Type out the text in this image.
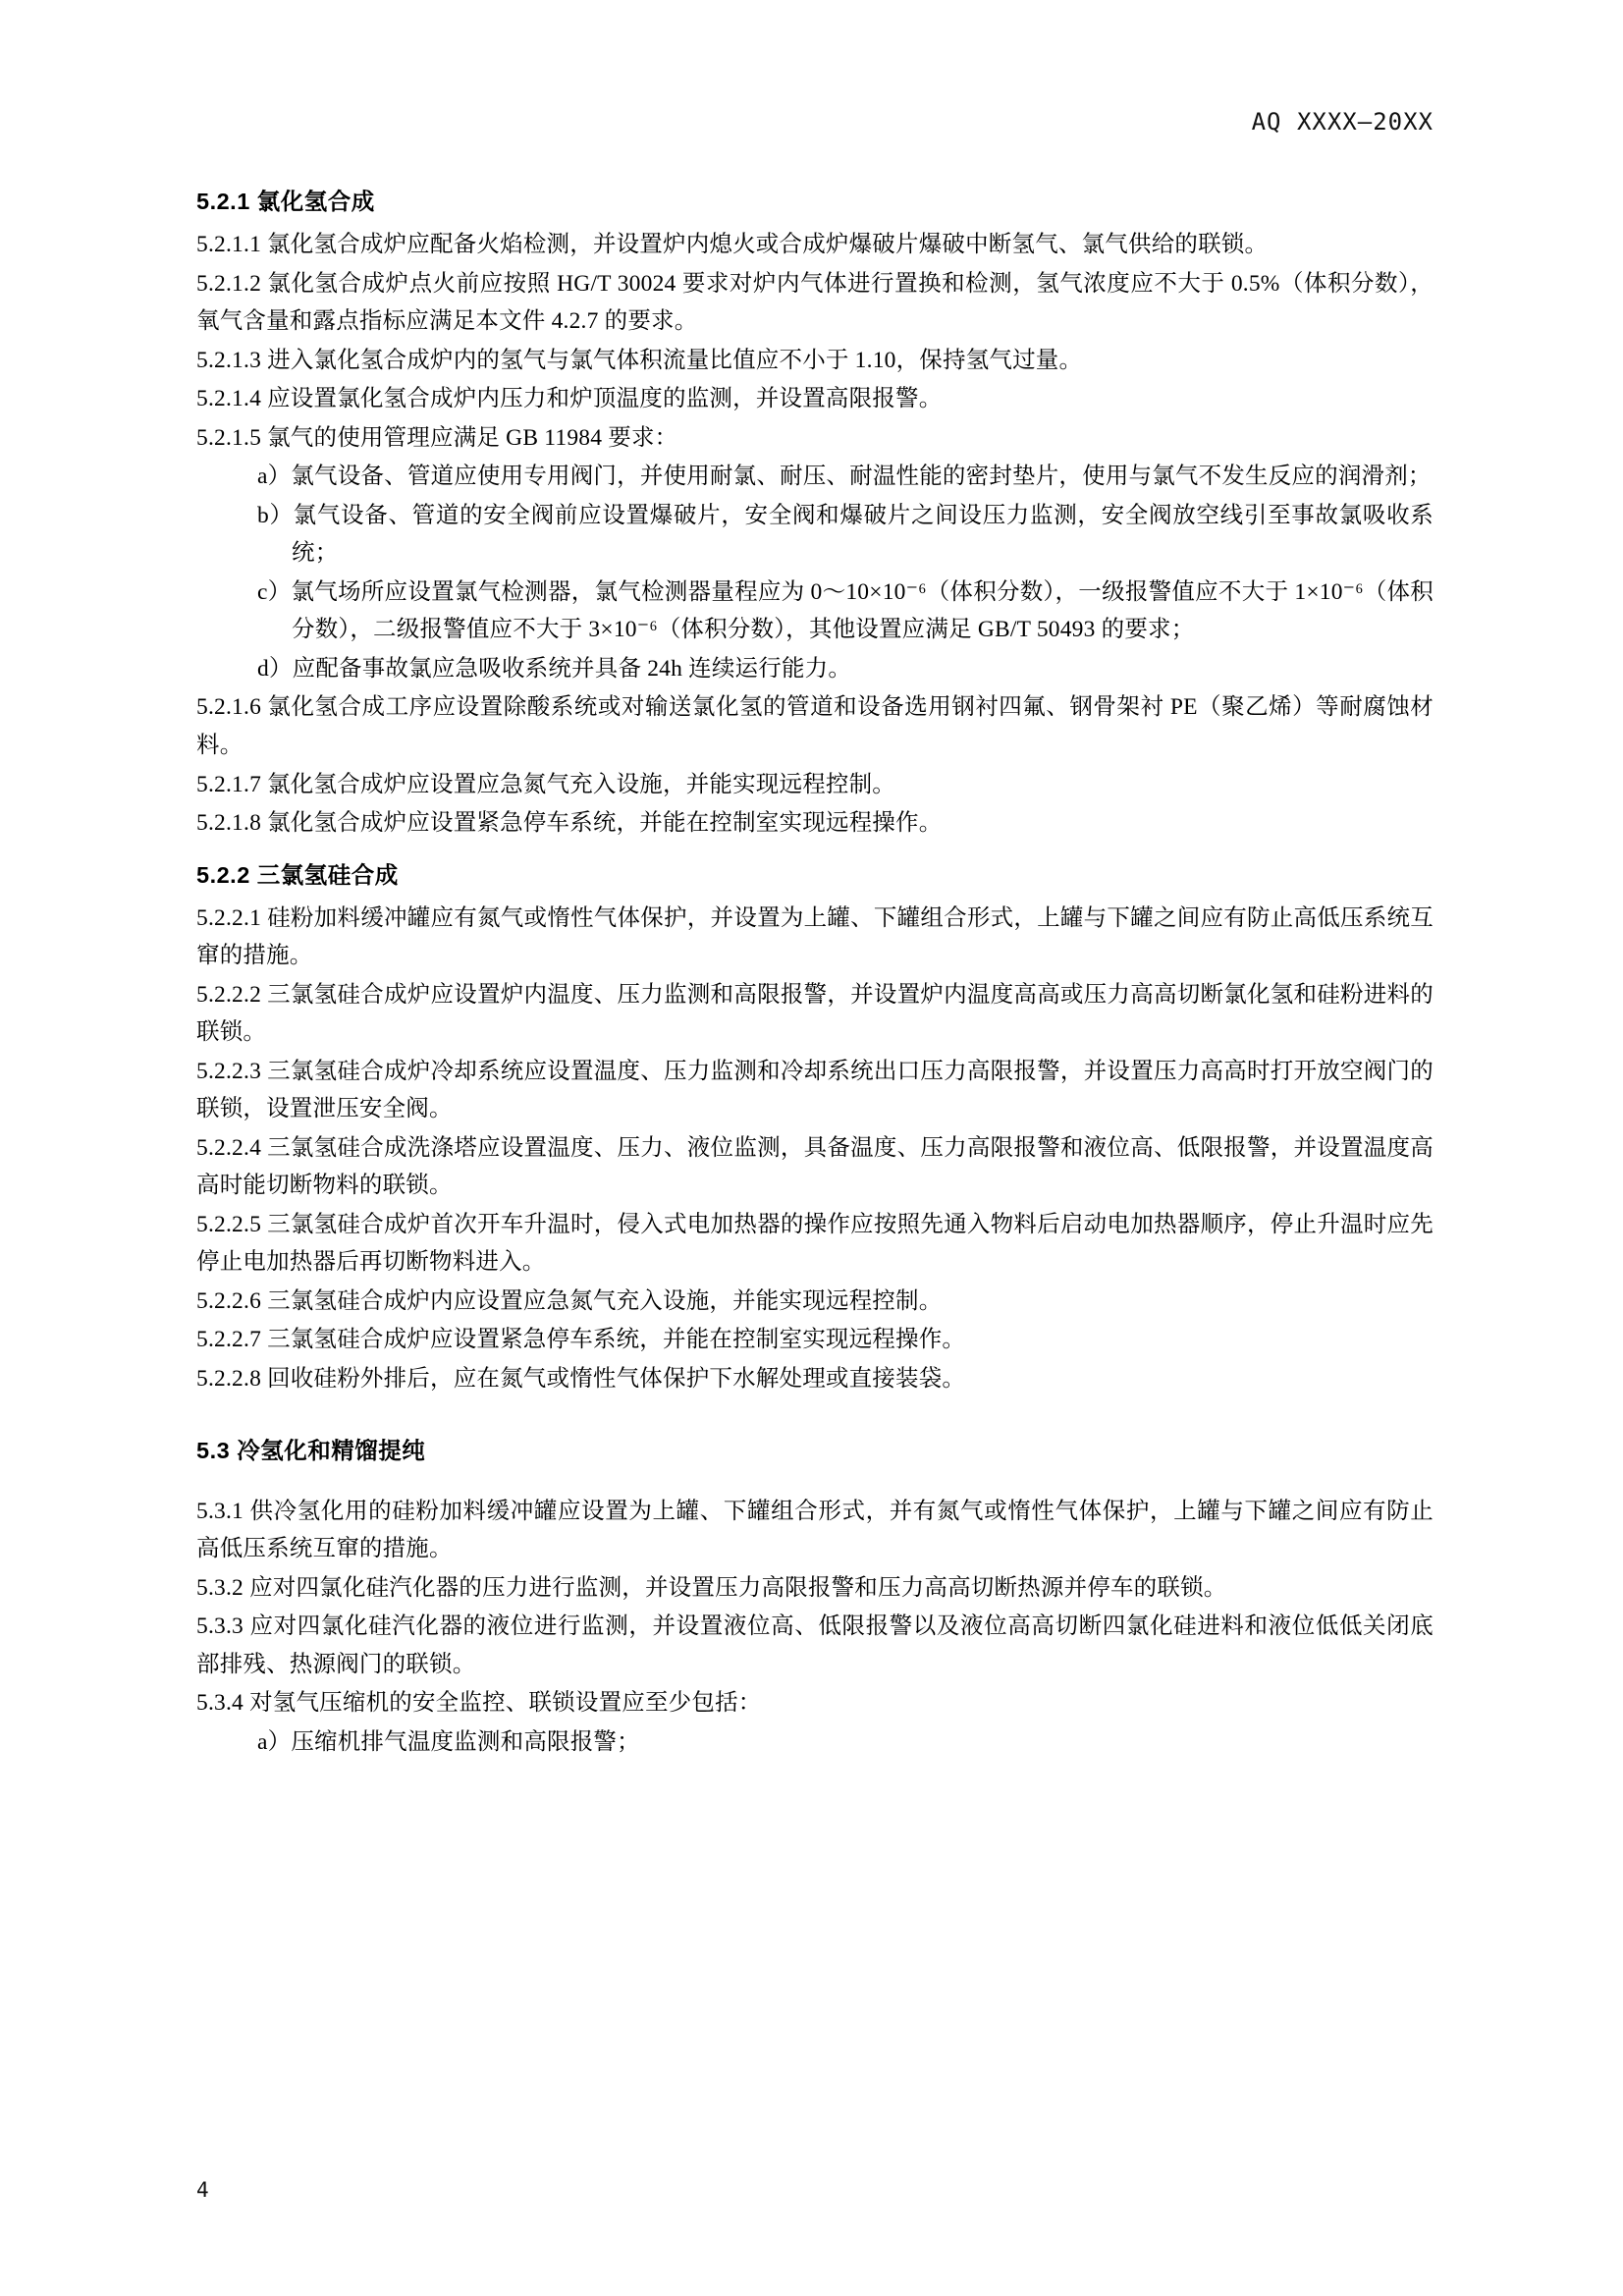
AQ XXXX—20XX
5.2.1 氯化氢合成

5.2.1.1 氯化氢合成炉应配备火焰检测，并设置炉内熄火或合成炉爆破片爆破中断氢气、氯气供给的联锁。

5.2.1.2 氯化氢合成炉点火前应按照 HG/T 30024 要求对炉内气体进行置换和检测，氢气浓度应不大于 0.5%（体积分数），氧气含量和露点指标应满足本文件 4.2.7 的要求。

5.2.1.3 进入氯化氢合成炉内的氢气与氯气体积流量比值应不小于 1.10，保持氢气过量。

5.2.1.4 应设置氯化氢合成炉内压力和炉顶温度的监测，并设置高限报警。

5.2.1.5 氯气的使用管理应满足 GB 11984 要求：

a）氯气设备、管道应使用专用阀门，并使用耐氯、耐压、耐温性能的密封垫片，使用与氯气不发生反应的润滑剂；

b）氯气设备、管道的安全阀前应设置爆破片，安全阀和爆破片之间设压力监测，安全阀放空线引至事故氯吸收系统；

c）氯气场所应设置氯气检测器，氯气检测器量程应为 0～10×10⁻⁶（体积分数），一级报警值应不大于 1×10⁻⁶（体积分数），二级报警值应不大于 3×10⁻⁶（体积分数），其他设置应满足 GB/T 50493 的要求；

d）应配备事故氯应急吸收系统并具备 24h 连续运行能力。

5.2.1.6 氯化氢合成工序应设置除酸系统或对输送氯化氢的管道和设备选用钢衬四氟、钢骨架衬 PE（聚乙烯）等耐腐蚀材料。

5.2.1.7 氯化氢合成炉应设置应急氮气充入设施，并能实现远程控制。

5.2.1.8 氯化氢合成炉应设置紧急停车系统，并能在控制室实现远程操作。

5.2.2 三氯氢硅合成

5.2.2.1 硅粉加料缓冲罐应有氮气或惰性气体保护，并设置为上罐、下罐组合形式，上罐与下罐之间应有防止高低压系统互窜的措施。

5.2.2.2 三氯氢硅合成炉应设置炉内温度、压力监测和高限报警，并设置炉内温度高高或压力高高切断氯化氢和硅粉进料的联锁。

5.2.2.3 三氯氢硅合成炉冷却系统应设置温度、压力监测和冷却系统出口压力高限报警，并设置压力高高时打开放空阀门的联锁，设置泄压安全阀。

5.2.2.4 三氯氢硅合成洗涤塔应设置温度、压力、液位监测，具备温度、压力高限报警和液位高、低限报警，并设置温度高高时能切断物料的联锁。

5.2.2.5 三氯氢硅合成炉首次开车升温时，侵入式电加热器的操作应按照先通入物料后启动电加热器顺序，停止升温时应先停止电加热器后再切断物料进入。

5.2.2.6 三氯氢硅合成炉内应设置应急氮气充入设施，并能实现远程控制。

5.2.2.7 三氯氢硅合成炉应设置紧急停车系统，并能在控制室实现远程操作。

5.2.2.8 回收硅粉外排后，应在氮气或惰性气体保护下水解处理或直接装袋。

5.3 冷氢化和精馏提纯

5.3.1 供冷氢化用的硅粉加料缓冲罐应设置为上罐、下罐组合形式，并有氮气或惰性气体保护，上罐与下罐之间应有防止高低压系统互窜的措施。

5.3.2 应对四氯化硅汽化器的压力进行监测，并设置压力高限报警和压力高高切断热源并停车的联锁。

5.3.3 应对四氯化硅汽化器的液位进行监测，并设置液位高、低限报警以及液位高高切断四氯化硅进料和液位低低关闭底部排残、热源阀门的联锁。

5.3.4 对氢气压缩机的安全监控、联锁设置应至少包括：

a）压缩机排气温度监测和高限报警；

4
